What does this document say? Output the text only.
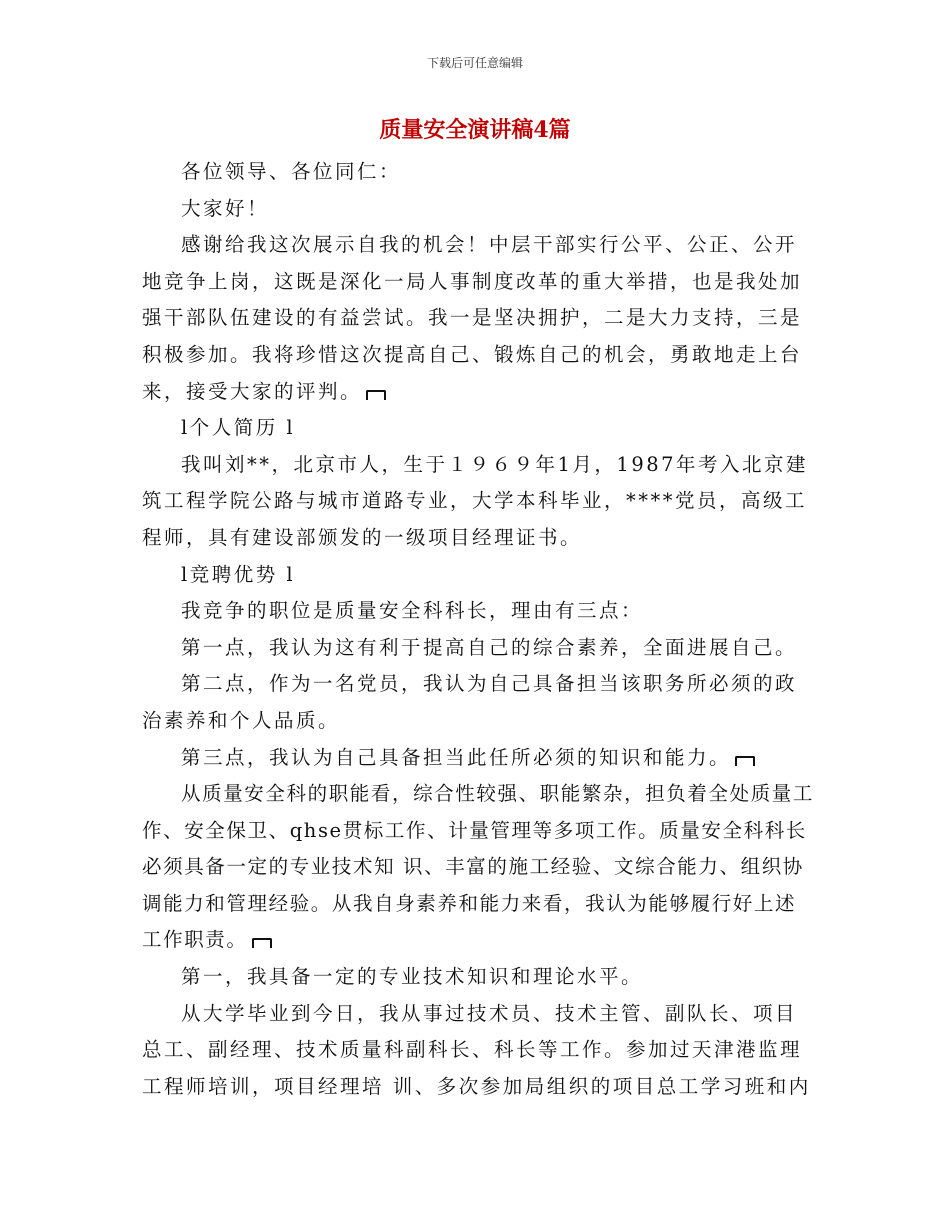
下载后可任意编辑
质量安全演讲稿4篇

各位领导、各位同仁：

大家好！

感谢给我这次展示自我的机会！中层干部实行公平、公正、公开地竞争上岗，这既是深化一局人事制度改革的重大举措，也是我处加强干部队伍建设的有益尝试。我一是坚决拥护，二是大力支持，三是积极参加。我将珍惜这次提高自己、锻炼自己的机会，勇敢地走上台来，接受大家的评判。

l个人简历 l

我叫刘**，北京市人，生于１９６９年1月，1987年考入北京建筑工程学院公路与城市道路专业，大学本科毕业，****党员，高级工程师，具有建设部颁发的一级项目经理证书。

l竞聘优势 l

我竞争的职位是质量安全科科长，理由有三点：

第一点，我认为这有利于提高自己的综合素养，全面进展自己。

第二点，作为一名党员，我认为自己具备担当该职务所必须的政治素养和个人品质。

第三点，我认为自己具备担当此任所必须的知识和能力。

从质量安全科的职能看，综合性较强、职能繁杂，担负着全处质量工作、安全保卫、qhse贯标工作、计量管理等多项工作。质量安全科科长必须具备一定的专业技术知 识、丰富的施工经验、文综合能力、组织协调能力和管理经验。从我自身素养和能力来看，我认为能够履行好上述工作职责。

第一，我具备一定的专业技术知识和理论水平。

从大学毕业到今日，我从事过技术员、技术主管、副队长、项目总工、副经理、技术质量科副科长、科长等工作。参加过天津港监理工程师培训，项目经理培 训、多次参加局组织的项目总工学习班和内
